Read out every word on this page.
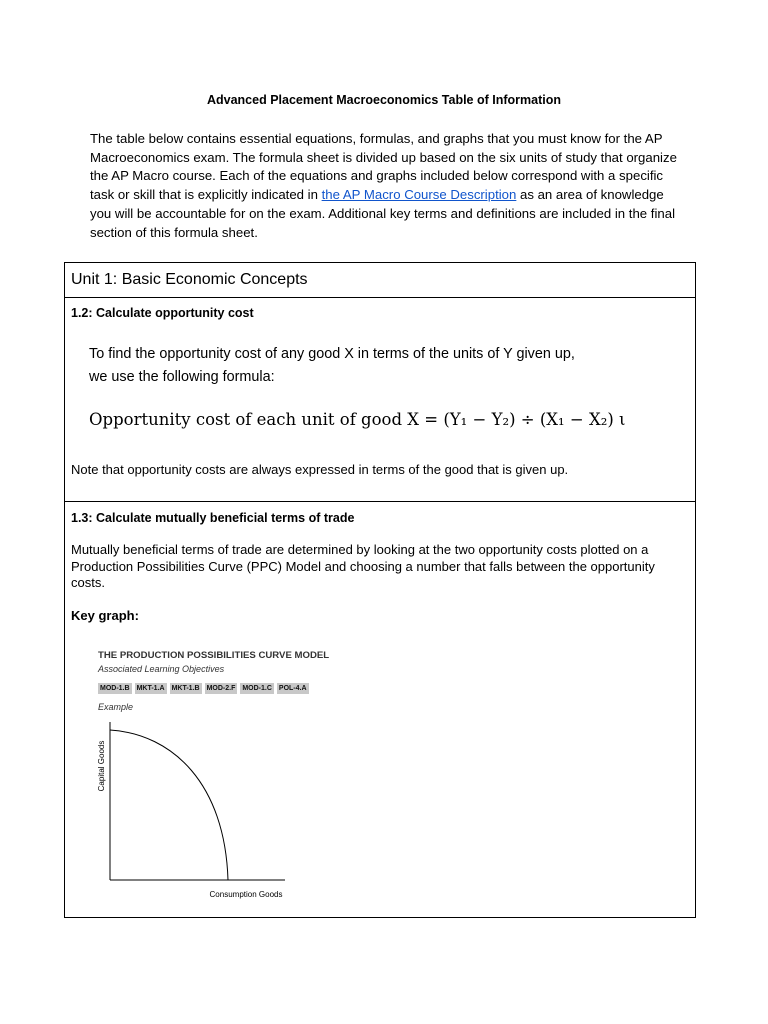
Advanced Placement Macroeconomics Table of Information
The table below contains essential equations, formulas, and graphs that you must know for the AP Macroeconomics exam. The formula sheet is divided up based on the six units of study that organize the AP Macro course. Each of the equations and graphs included below correspond with a specific task or skill that is explicitly indicated in the AP Macro Course Description as an area of knowledge you will be accountable for on the exam. Additional key terms and definitions are included in the final section of this formula sheet.
Unit 1: Basic Economic Concepts
1.2: Calculate opportunity cost
To find the opportunity cost of any good X in terms of the units of Y given up,
we use the following formula:
Opportunity cost of each unit of good X = (Y₁ − Y₂) ÷ (X₁ − X₂) ι
Note that opportunity costs are always expressed in terms of the good that is given up.
1.3: Calculate mutually beneficial terms of trade
Mutually beneficial terms of trade are determined by looking at the two opportunity costs plotted on a Production Possibilities Curve (PPC) Model and choosing a number that falls between the opportunity costs.
Key graph:
THE PRODUCTION POSSIBILITIES CURVE MODEL
Associated Learning Objectives
MOD-1.B MKT-1.A MKT-1.B MOD-2.F MOD-1.C POL-4.A
Example
Capital Goods
Consumption Goods
